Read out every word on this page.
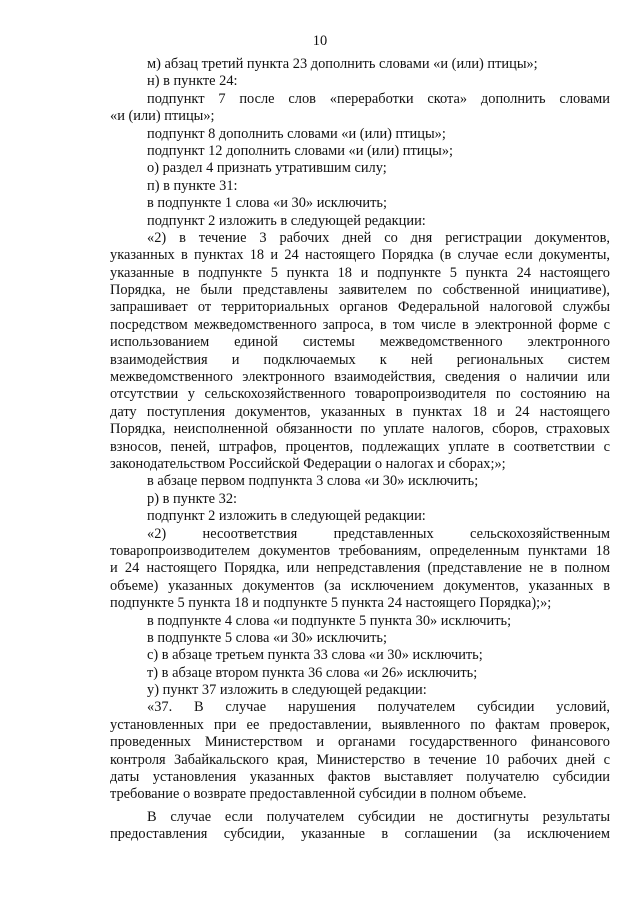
10
м) абзац третий пункта 23 дополнить словами «и (или) птицы»;
н) в пункте 24:
подпункт 7 после слов «переработки скота» дополнить словами
«и (или) птицы»;
подпункт 8 дополнить словами «и (или) птицы»;
подпункт 12 дополнить словами «и (или) птицы»;
о) раздел 4 признать утратившим силу;
п) в пункте 31:
в подпункте 1 слова «и 30» исключить;
подпункт 2 изложить в следующей редакции:
«2) в течение 3 рабочих дней со дня регистрации документов,
указанных в пунктах 18 и 24 настоящего Порядка (в случае если документы,
указанные в подпункте 5 пункта 18 и подпункте 5 пункта 24 настоящего
Порядка, не были представлены заявителем по собственной инициативе),
запрашивает от территориальных органов Федеральной налоговой службы
посредством межведомственного запроса, в том числе в электронной форме с
использованием единой системы межведомственного электронного
взаимодействия и подключаемых к ней региональных систем
межведомственного электронного взаимодействия, сведения о наличии или
отсутствии у сельскохозяйственного товаропроизводителя по состоянию на
дату поступления документов, указанных в пунктах 18 и 24 настоящего
Порядка, неисполненной обязанности по уплате налогов, сборов, страховых
взносов, пеней, штрафов, процентов, подлежащих уплате в соответствии с
законодательством Российской Федерации о налогах и сборах;»;
в абзаце первом подпункта 3 слова «и 30» исключить;
р) в пункте 32:
подпункт 2 изложить в следующей редакции:
«2) несоответствия представленных сельскохозяйственным
товаропроизводителем документов требованиям, определенным пунктами 18
и 24 настоящего Порядка, или непредставления (представление не в полном
объеме) указанных документов (за исключением документов, указанных в
подпункте 5 пункта 18 и подпункте 5 пункта 24 настоящего Порядка);»;
в подпункте 4 слова «и подпункте 5 пункта 30» исключить;
в подпункте 5 слова «и 30» исключить;
с) в абзаце третьем пункта 33 слова «и 30» исключить;
т) в абзаце втором пункта 36 слова «и 26» исключить;
у) пункт 37 изложить в следующей редакции:
«37. В случае нарушения получателем субсидии условий,
установленных при ее предоставлении, выявленного по фактам проверок,
проведенных Министерством и органами государственного финансового
контроля Забайкальского края, Министерство в течение 10 рабочих дней с
даты установления указанных фактов выставляет получателю субсидии
требование о возврате предоставленной субсидии в полном объеме.
В случае если получателем субсидии не достигнуты результаты
предоставления субсидии, указанные в соглашении (за исключением
